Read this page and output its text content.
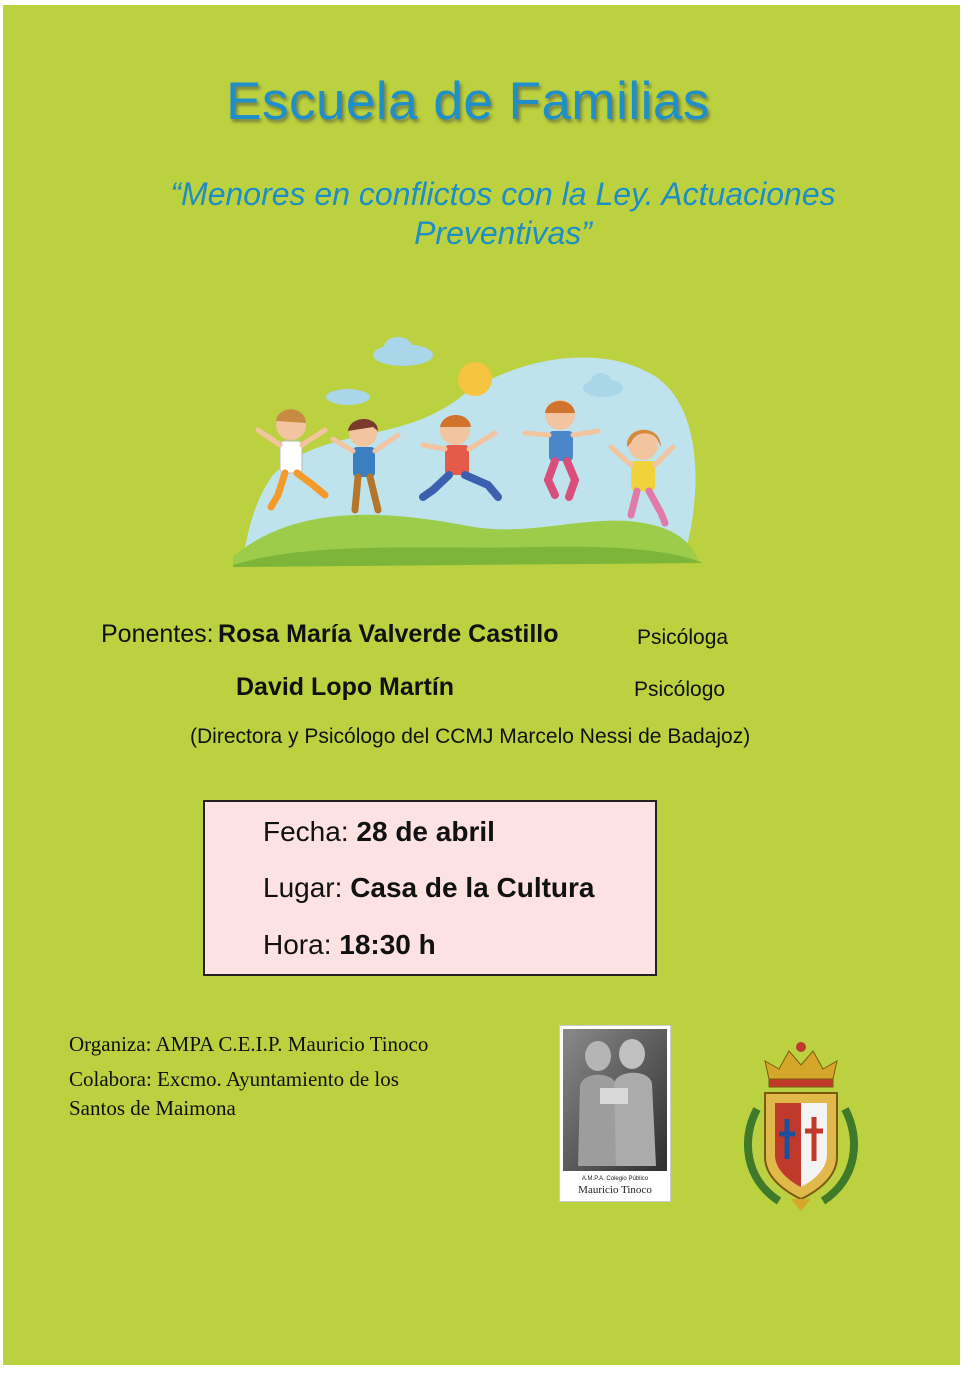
Escuela de Familias
“Menores en conflictos con la Ley. Actuaciones
Preventivas”
Ponentes: Rosa María Valverde Castillo	Psicóloga
David Lopo Martín	Psicólogo
(Directora y Psicólogo del CCMJ Marcelo Nessi de Badajoz)
Fecha: 28 de abril
Lugar: Casa de la Cultura
Hora: 18:30 h
Organiza: AMPA C.E.I.P. Mauricio Tinoco
Colabora: Excmo. Ayuntamiento de los
Santos de Maimona
A.M.P.A. Colegio Público
Mauricio Tinoco
